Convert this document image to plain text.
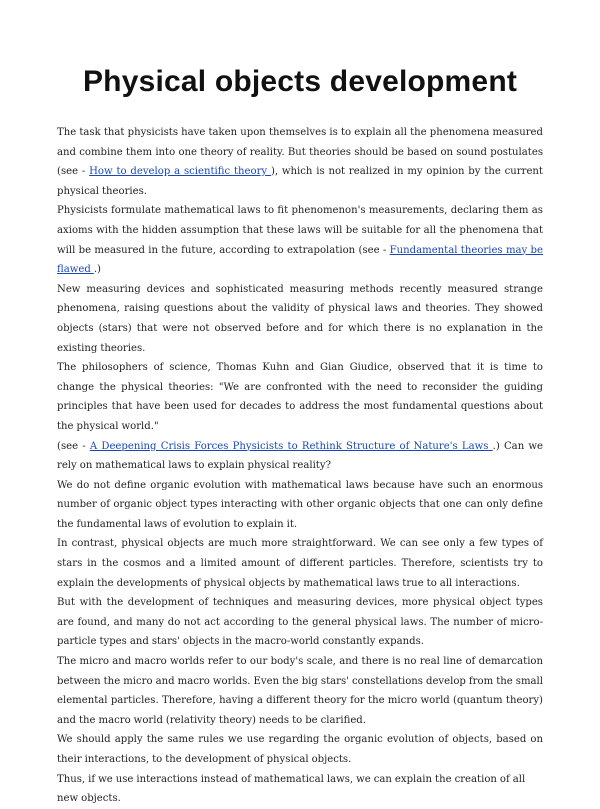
Physical objects development

The task that physicists have taken upon themselves is to explain all the phenomena measured and combine them into one theory of reality. But theories should be based on sound postulates (see - How to develop a scientific theory ), which is not realized in my opinion by the current physical theories.

Physicists formulate mathematical laws to fit phenomenon's measurements, declaring them as axioms with the hidden assumption that these laws will be suitable for all the phenomena that will be measured in the future, according to extrapolation (see - Fundamental theories may be flawed .)

New measuring devices and sophisticated measuring methods recently measured strange phenomena, raising questions about the validity of physical laws and theories. They showed objects (stars) that were not observed before and for which there is no explanation in the existing theories.

The philosophers of science, Thomas Kuhn and Gian Giudice, observed that it is time to change the physical theories: "We are confronted with the need to reconsider the guiding principles that have been used for decades to address the most fundamental questions about the physical world."

(see - A Deepening Crisis Forces Physicists to Rethink Structure of Nature's Laws .) Can we rely on mathematical laws to explain physical reality?

We do not define organic evolution with mathematical laws because have such an enormous number of organic object types interacting with other organic objects that one can only define the fundamental laws of evolution to explain it.

In contrast, physical objects are much more straightforward. We can see only a few types of stars in the cosmos and a limited amount of different particles. Therefore, scientists try to explain the developments of physical objects by mathematical laws true to all interactions.

But with the development of techniques and measuring devices, more physical object types are found, and many do not act according to the general physical laws. The number of micro-particle types and stars' objects in the macro-world constantly expands.

The micro and macro worlds refer to our body's scale, and there is no real line of demarcation between the micro and macro worlds. Even the big stars' constellations develop from the small elemental particles. Therefore, having a different theory for the micro world (quantum theory) and the macro world (relativity theory) needs to be clarified.

We should apply the same rules we use regarding the organic evolution of objects, based on their interactions, to the development of physical objects.

Thus, if we use interactions instead of mathematical laws, we can explain the creation of all new objects.
